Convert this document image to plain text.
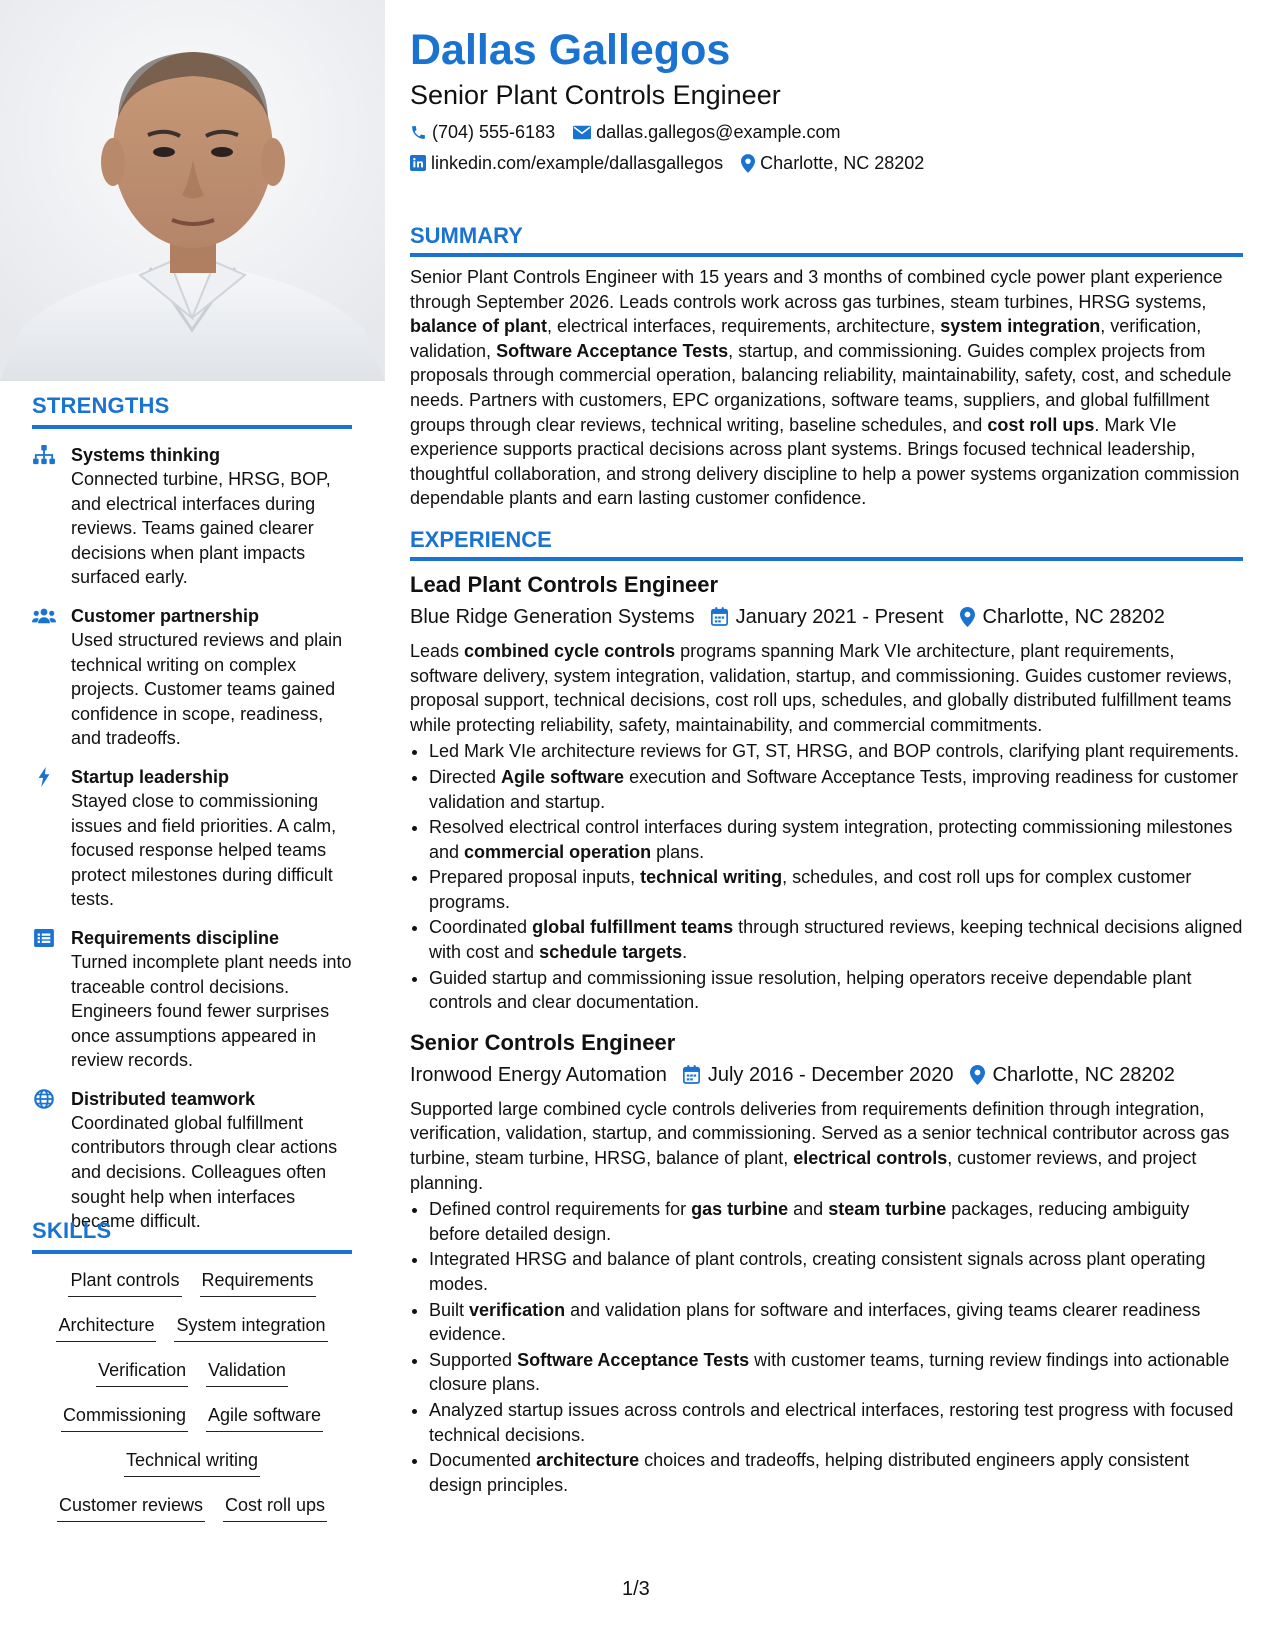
STRENGTHS
Systems thinking
Connected turbine, HRSG, BOP, and electrical interfaces during reviews. Teams gained clearer decisions when plant impacts surfaced early.
Customer partnership
Used structured reviews and plain technical writing on complex projects. Customer teams gained confidence in scope, readiness, and tradeoffs.
Startup leadership
Stayed close to commissioning issues and field priorities. A calm, focused response helped teams protect milestones during difficult tests.
Requirements discipline
Turned incomplete plant needs into traceable control decisions. Engineers found fewer surprises once assumptions appeared in review records.
Distributed teamwork
Coordinated global fulfillment contributors through clear actions and decisions. Colleagues often sought help when interfaces became difficult.
SKILLS
Plant controls Requirements
Architecture System integration
Verification Validation
Commissioning Agile software
Technical writing
Customer reviews Cost roll ups
Dallas Gallegos
Senior Plant Controls Engineer
(704) 555-6183 dallas.gallegos@example.com
linkedin.com/example/dallasgallegos Charlotte, NC 28202
SUMMARY

Senior Plant Controls Engineer with 15 years and 3 months of combined cycle power plant experience through September 2026. Leads controls work across gas turbines, steam turbines, HRSG systems, balance of plant, electrical interfaces, requirements, architecture, system integration, verification, validation, Software Acceptance Tests, startup, and commissioning. Guides complex projects from proposals through commercial operation, balancing reliability, maintainability, safety, cost, and schedule needs. Partners with customers, EPC organizations, software teams, suppliers, and global fulfillment groups through clear reviews, technical writing, baseline schedules, and cost roll ups. Mark VIe experience supports practical decisions across plant systems. Brings focused technical leadership, thoughtful collaboration, and strong delivery discipline to help a power systems organization commission dependable plants and earn lasting customer confidence.

EXPERIENCE
Lead Plant Controls Engineer
Blue Ridge Generation Systems January 2021 - Present Charlotte, NC 28202

Leads combined cycle controls programs spanning Mark VIe architecture, plant requirements, software delivery, system integration, validation, startup, and commissioning. Guides customer reviews, proposal support, technical decisions, cost roll ups, schedules, and globally distributed fulfillment teams while protecting reliability, safety, maintainability, and commercial commitments.

• Led Mark VIe architecture reviews for GT, ST, HRSG, and BOP controls, clarifying plant requirements.
• Directed Agile software execution and Software Acceptance Tests, improving readiness for customer validation and startup.
• Resolved electrical control interfaces during system integration, protecting commissioning milestones and commercial operation plans.
• Prepared proposal inputs, technical writing, schedules, and cost roll ups for complex customer programs.
• Coordinated global fulfillment teams through structured reviews, keeping technical decisions aligned with cost and schedule targets.
• Guided startup and commissioning issue resolution, helping operators receive dependable plant controls and clear documentation.
Senior Controls Engineer
Ironwood Energy Automation July 2016 - December 2020 Charlotte, NC 28202

Supported large combined cycle controls deliveries from requirements definition through integration, verification, validation, startup, and commissioning. Served as a senior technical contributor across gas turbine, steam turbine, HRSG, balance of plant, electrical controls, customer reviews, and project planning.

• Defined control requirements for gas turbine and steam turbine packages, reducing ambiguity before detailed design.
• Integrated HRSG and balance of plant controls, creating consistent signals across plant operating modes.
• Built verification and validation plans for software and interfaces, giving teams clearer readiness evidence.
• Supported Software Acceptance Tests with customer teams, turning review findings into actionable closure plans.
• Analyzed startup issues across controls and electrical interfaces, restoring test progress with focused technical decisions.
• Documented architecture choices and tradeoffs, helping distributed engineers apply consistent design principles.
1/3
